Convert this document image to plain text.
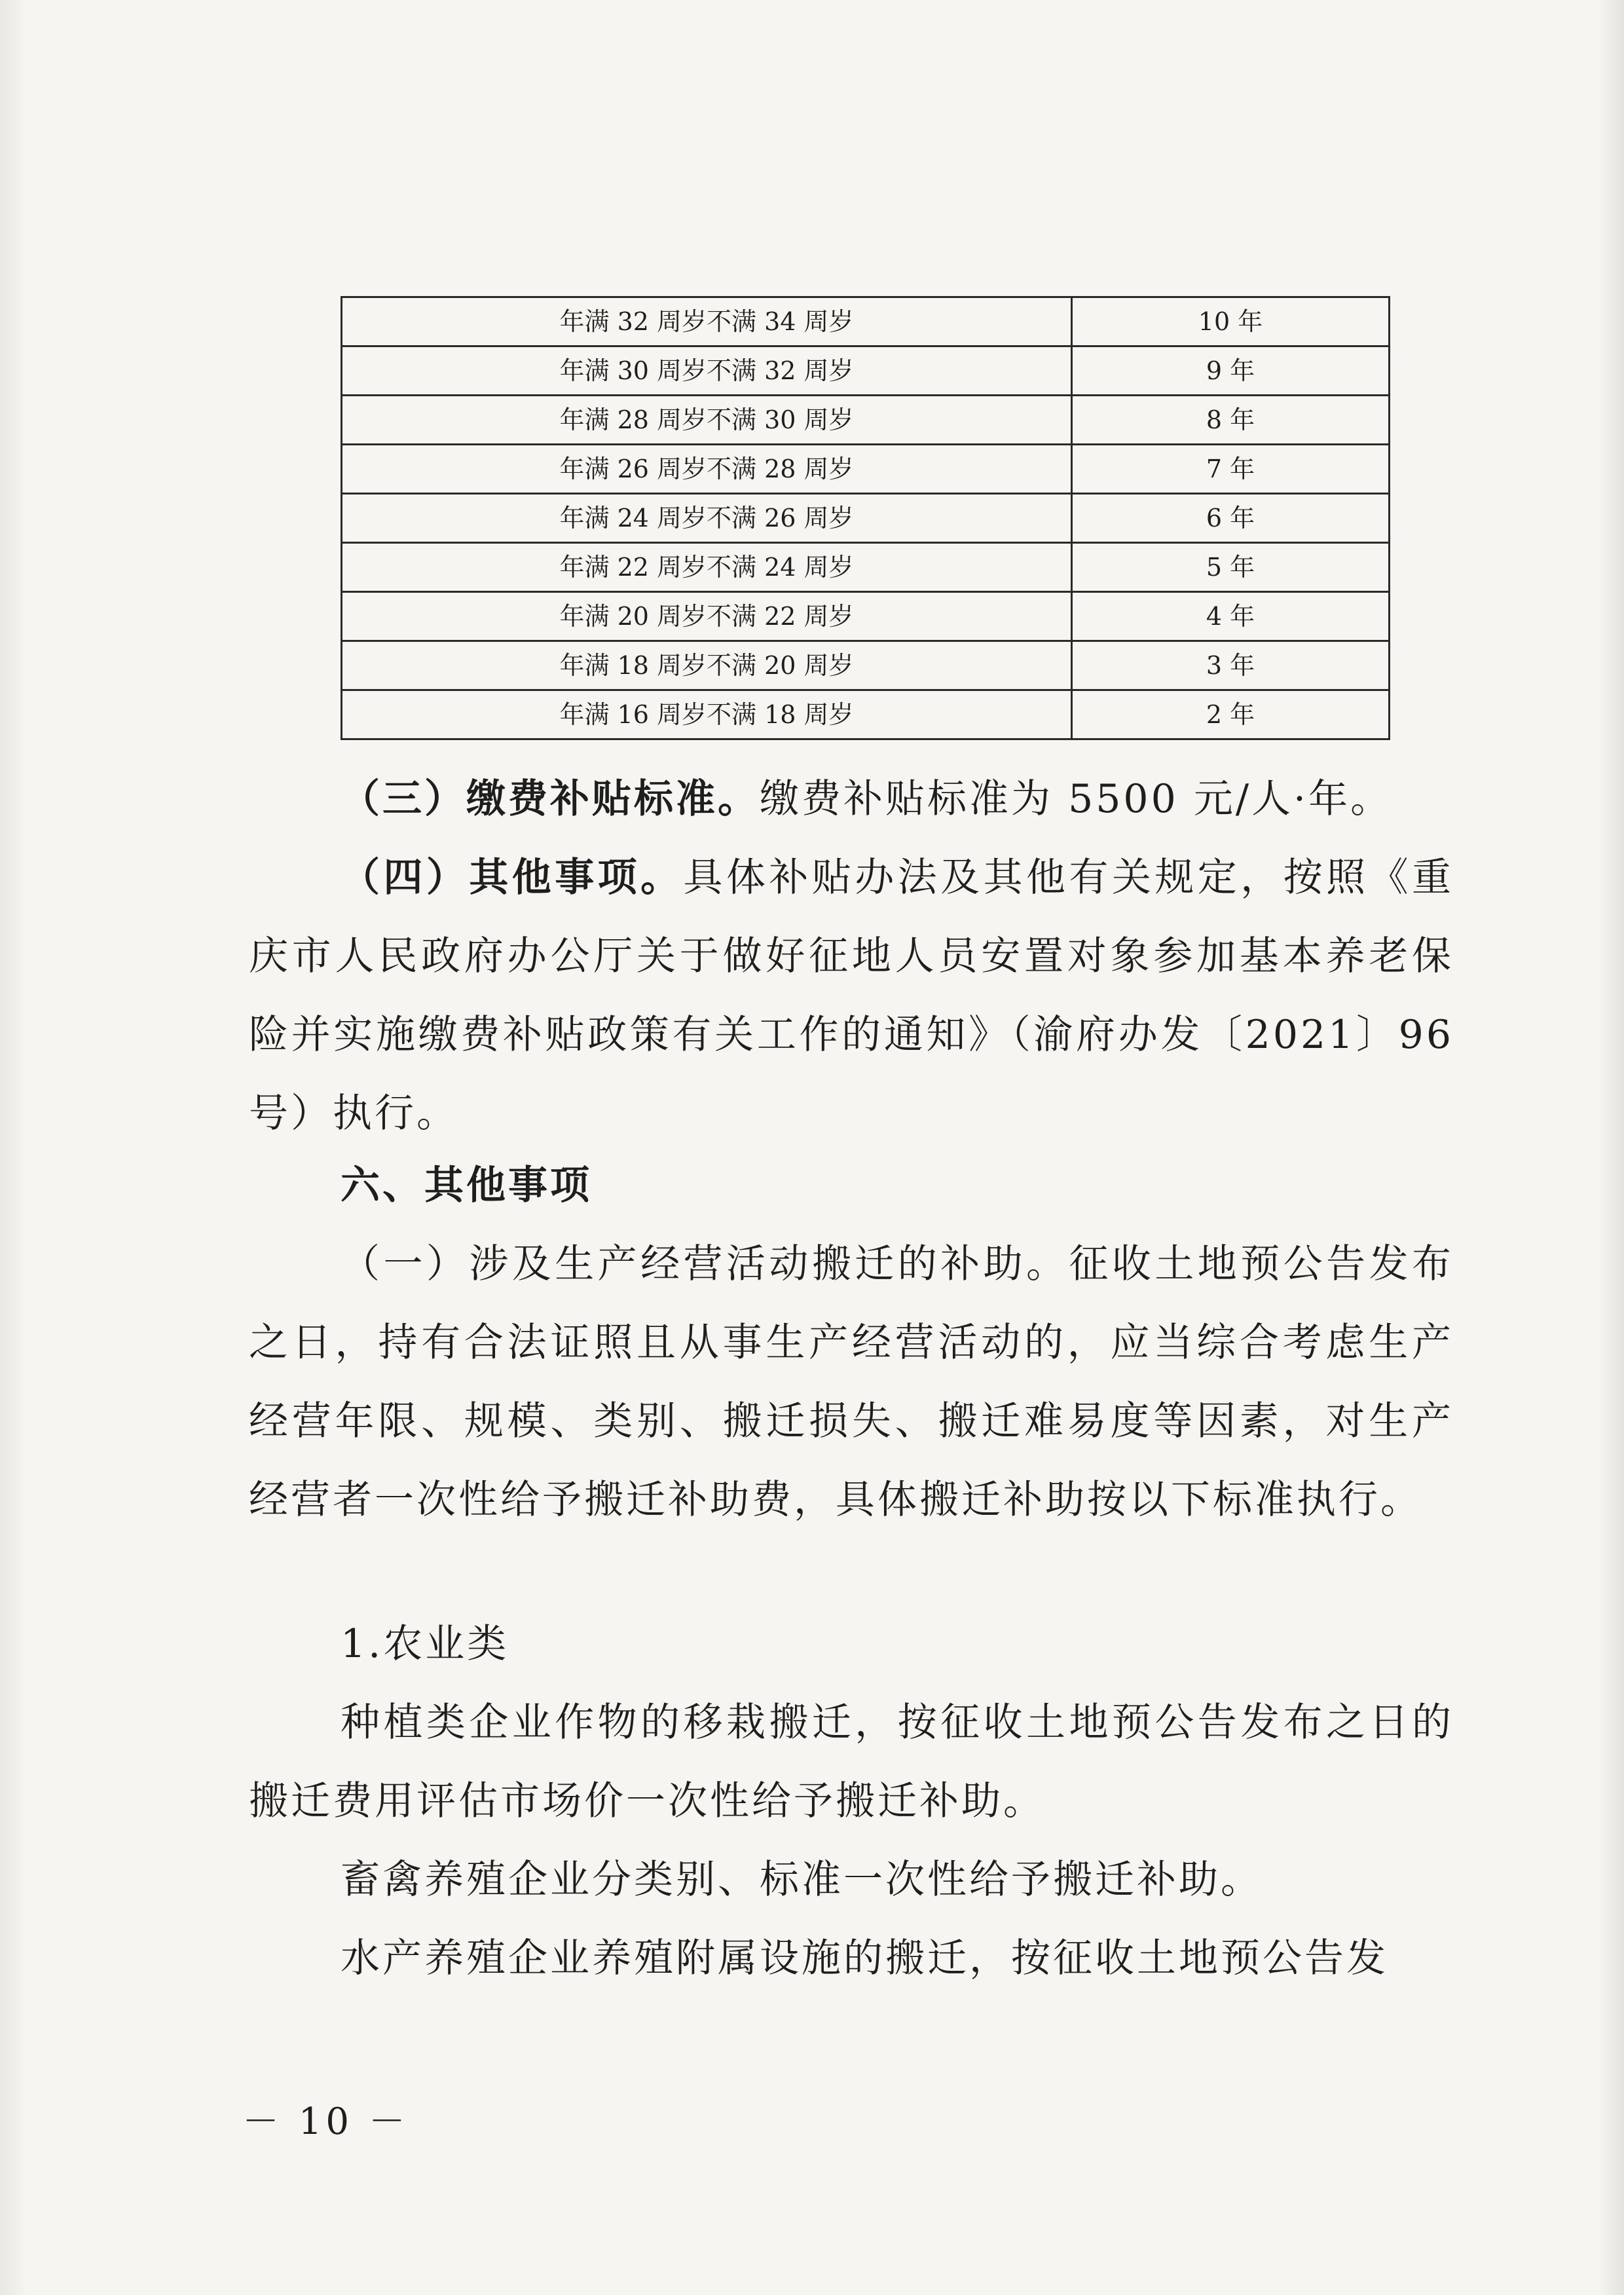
年满 32 周岁不满 34 周岁	10 年
年满 30 周岁不满 32 周岁	9 年
年满 28 周岁不满 30 周岁	8 年
年满 26 周岁不满 28 周岁	7 年
年满 24 周岁不满 26 周岁	6 年
年满 22 周岁不满 24 周岁	5 年
年满 20 周岁不满 22 周岁	4 年
年满 18 周岁不满 20 周岁	3 年
年满 16 周岁不满 18 周岁	2 年

（三）缴费补贴标准。缴费补贴标准为 5500 元/人·年。

（四）其他事项。具体补贴办法及其他有关规定，按照《重庆市人民政府办公厅关于做好征地人员安置对象参加基本养老保险并实施缴费补贴政策有关工作的通知》（渝府办发〔2021〕96 号）执行。

六、其他事项

（一）涉及生产经营活动搬迁的补助。征收土地预公告发布之日，持有合法证照且从事生产经营活动的，应当综合考虑生产经营年限、规模、类别、搬迁损失、搬迁难易度等因素，对生产经营者一次性给予搬迁补助费，具体搬迁补助按以下标准执行。

1.农业类

种植类企业作物的移栽搬迁，按征收土地预公告发布之日的搬迁费用评估市场价一次性给予搬迁补助。

畜禽养殖企业分类别、标准一次性给予搬迁补助。

水产养殖企业养殖附属设施的搬迁，按征收土地预公告发

－ 10 －
